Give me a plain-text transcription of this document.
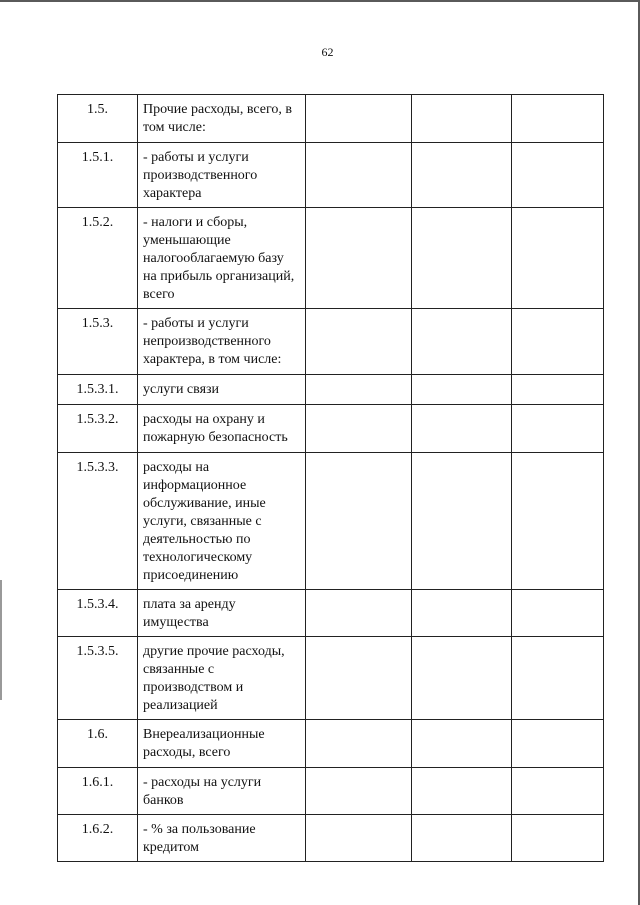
62
1.5.	Прочие расходы, всего, в том числе:			
1.5.1.	- работы и услуги производственного характера			
1.5.2.	- налоги и сборы, уменьшающие налогооблагаемую базу на прибыль организаций, всего			
1.5.3.	- работы и услуги непроизводственного характера, в том числе:			
1.5.3.1.	услуги связи			
1.5.3.2.	расходы на охрану и пожарную безопасность			
1.5.3.3.	расходы на информационное обслуживание, иные услуги, связанные с деятельностью по технологическому присоединению			
1.5.3.4.	плата за аренду имущества			
1.5.3.5.	другие прочие расходы, связанные с производством и реализацией			
1.6.	Внереализационные расходы, всего			
1.6.1.	- расходы на услуги банков			
1.6.2.	- % за пользование кредитом			
